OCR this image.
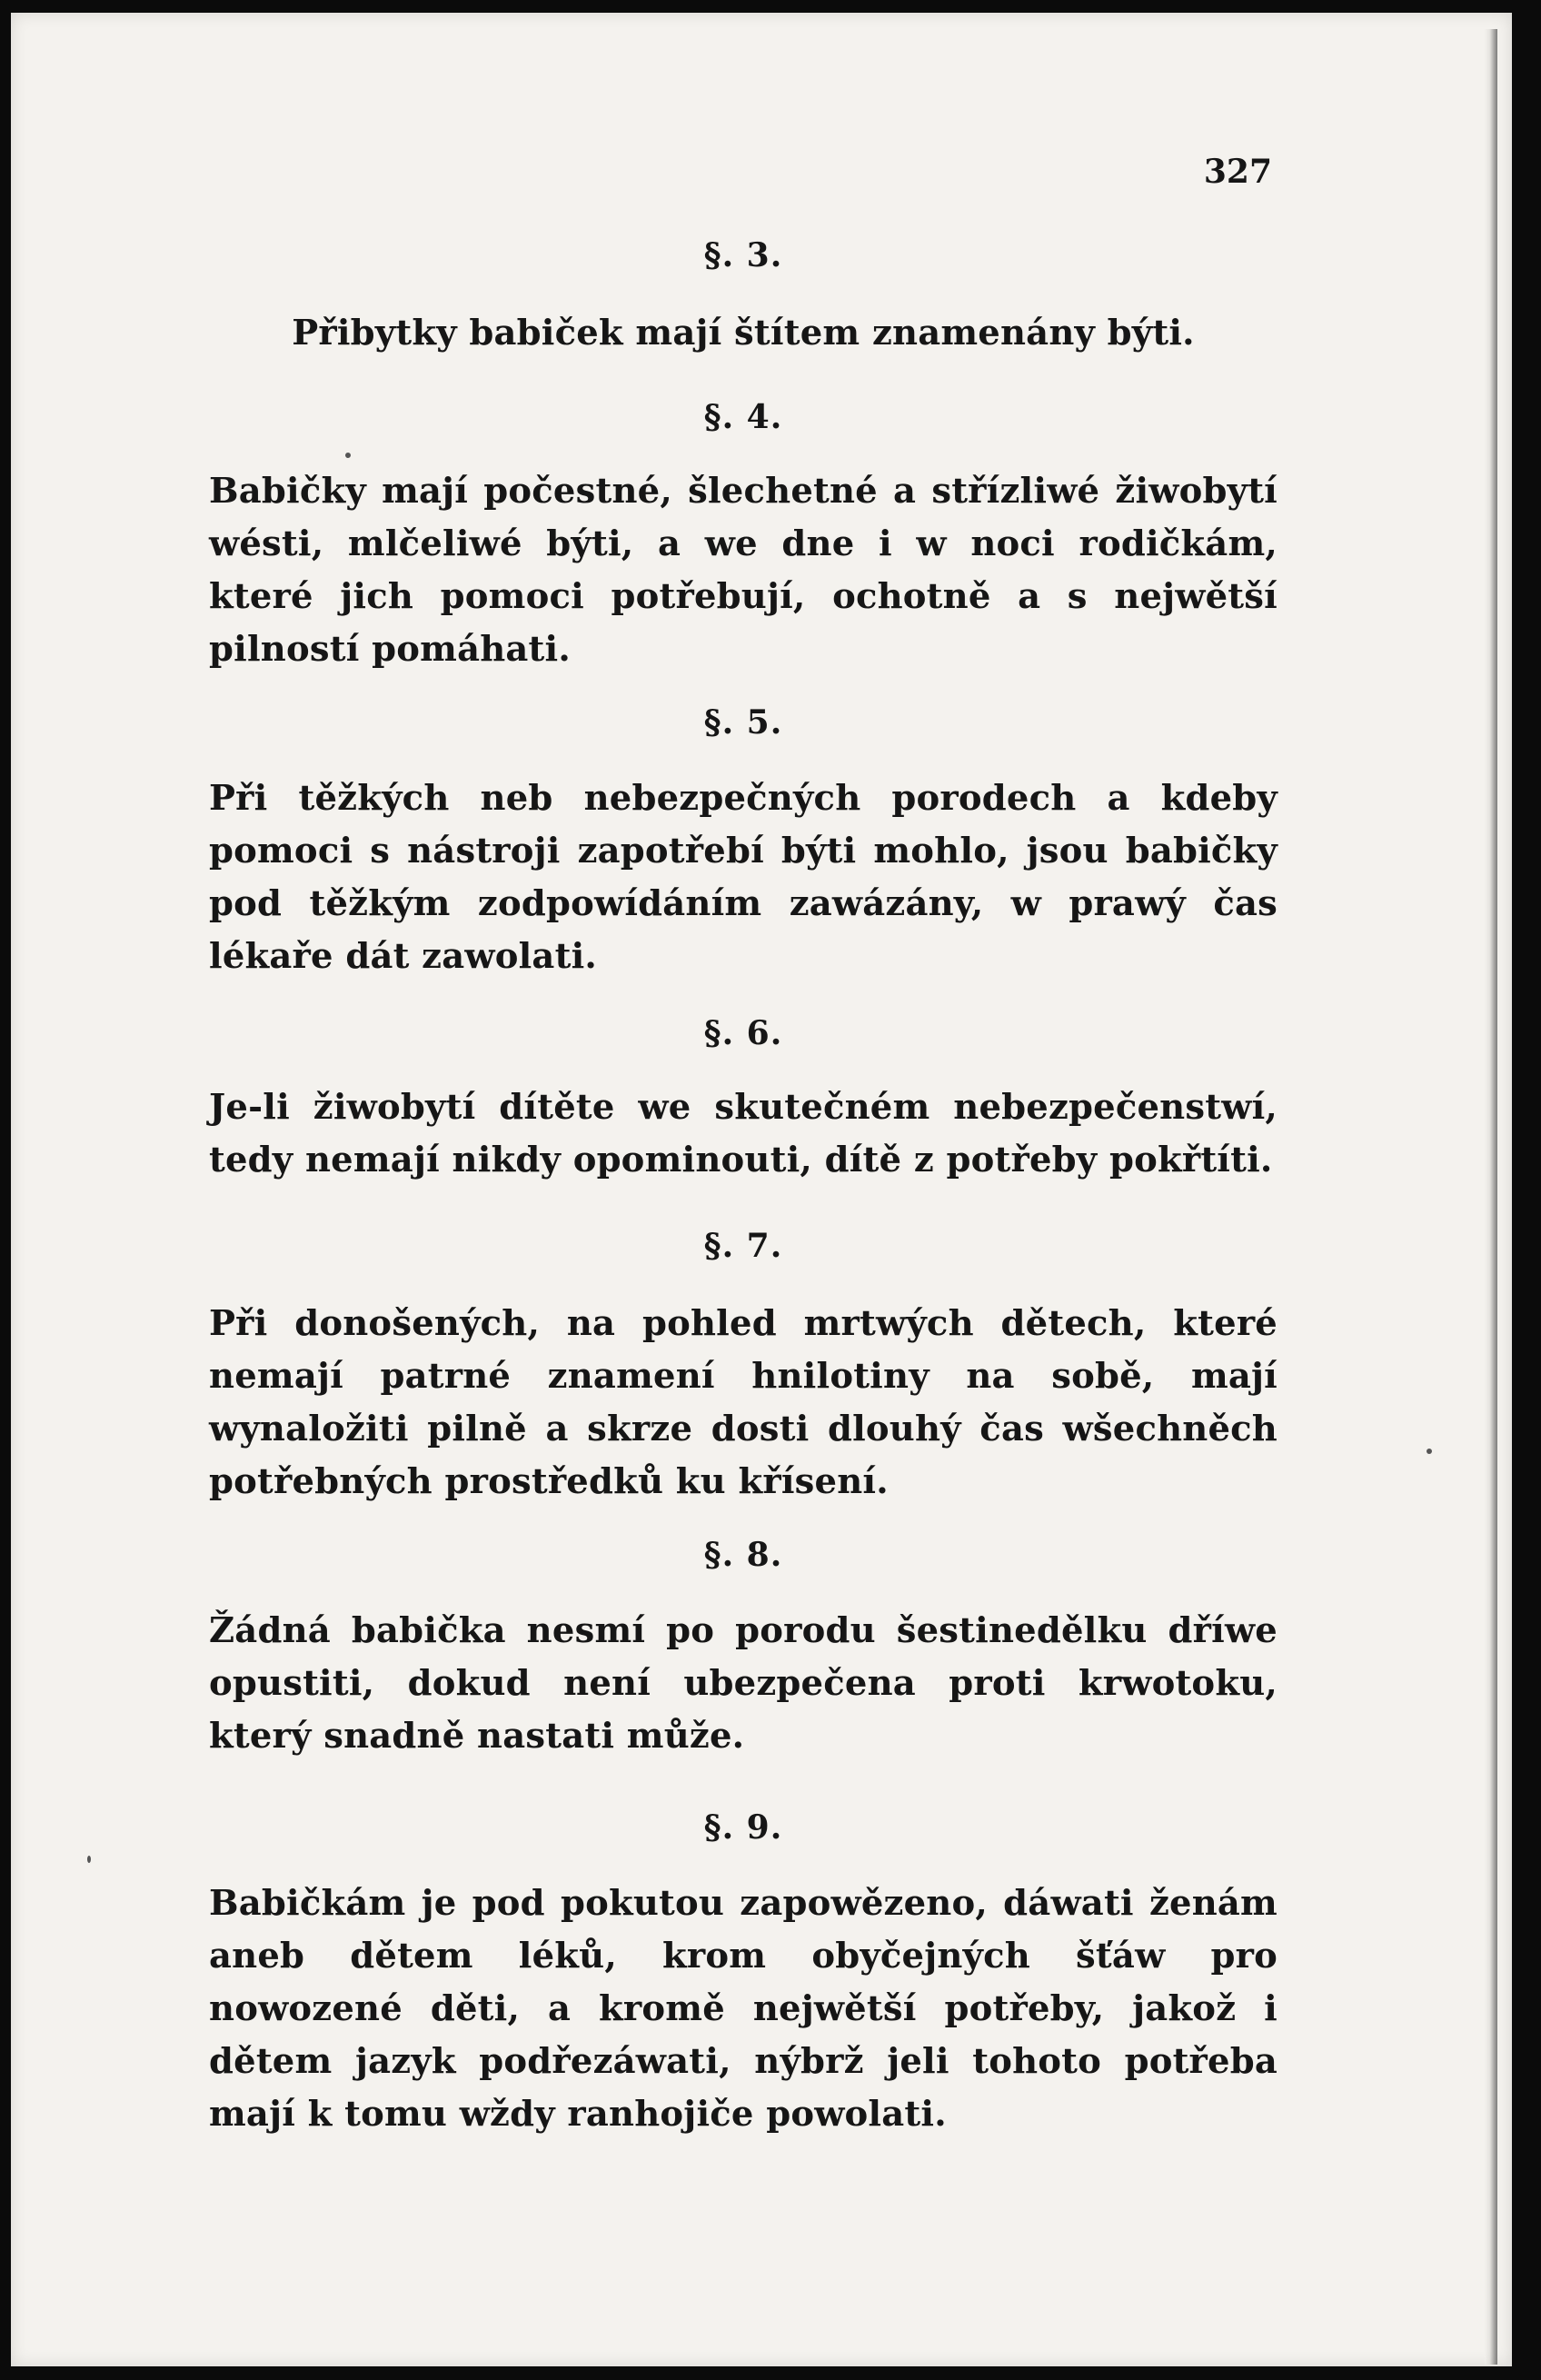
327

§. 3.

Přibytky babiček mají štítem znamenány býti.

§. 4.

Babičky mají počestné, šlechetné a střízliwé žiwobytí wésti, mlčeliwé býti, a we dne i w noci rodičkám, které jich pomoci potřebují, ochotně a s nejwětší pilností pomáhati.

§. 5.

Při těžkých neb nebezpečných porodech a kdeby pomoci s nástroji zapotřebí býti mohlo, jsou babičky pod těžkým zodpowídáním zawázány, w prawý čas lékaře dát zawolati.

§. 6.

Je-li žiwobytí dítěte we skutečném nebezpečenstwí, tedy nemají nikdy opominouti, dítě z potřeby pokřtíti.

§. 7.

Při donošených, na pohled mrtwých dětech, které nemají patrné znamení hnilotiny na sobě, mají wynaložiti pilně a skrze dosti dlouhý čas wšechněch potřebných prostředků ku křísení.

§. 8.

Žádná babička nesmí po porodu šestinedělku dříwe opustiti, dokud není ubezpečena proti krwotoku, který snadně nastati může.

§. 9.

Babičkám je pod pokutou zapowězeno, dáwati ženám aneb dětem léků, krom obyčejných šťáw pro nowozené děti, a kromě nejwětší potřeby, jakož i dětem jazyk podřezáwati, nýbrž jeli tohoto potřeba mají k tomu wždy ranhojiče powolati.
